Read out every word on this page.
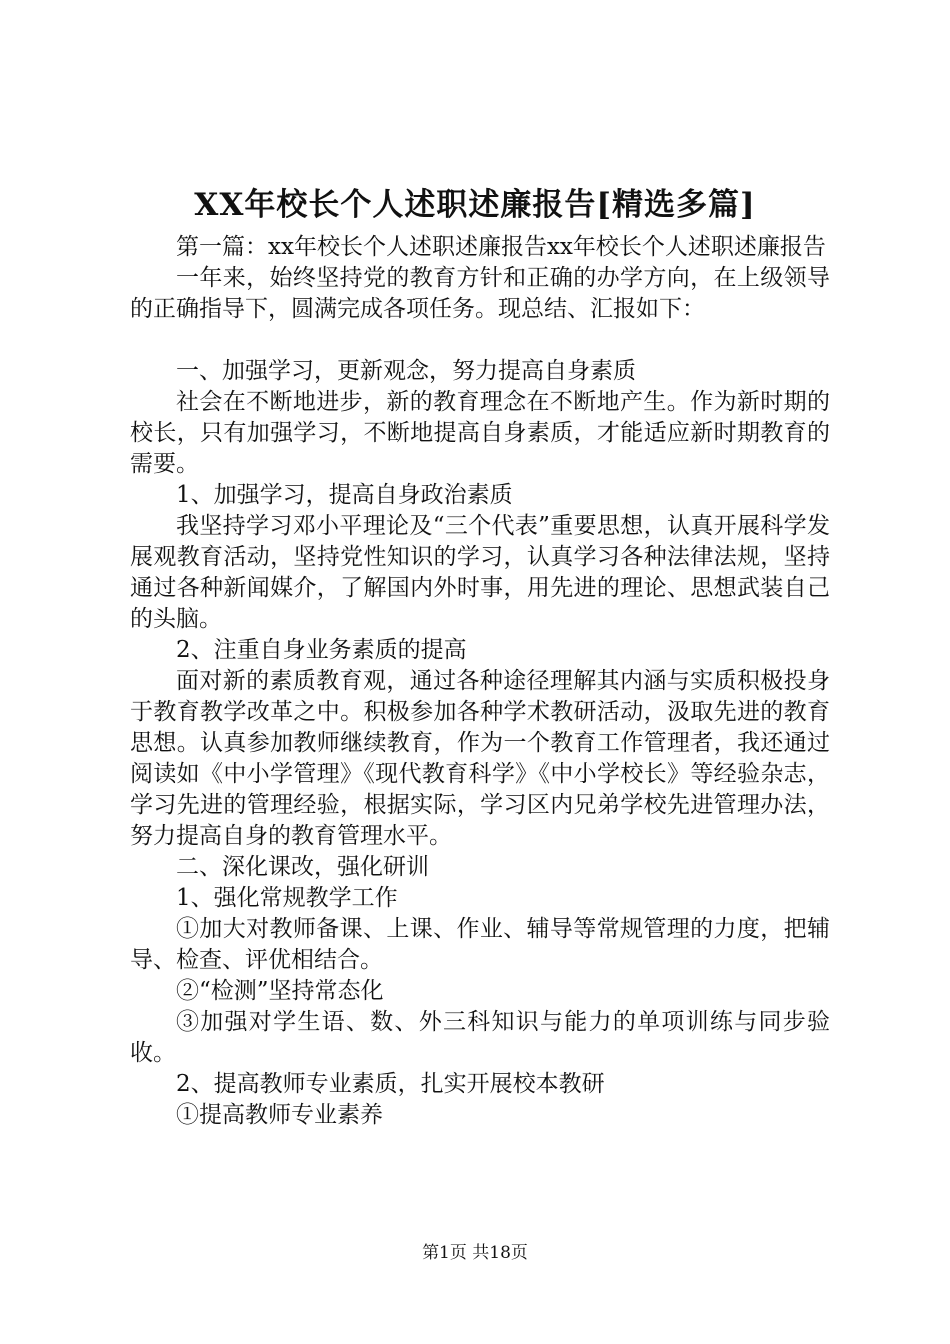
XX年校长个人述职述廉报告[精选多篇]

第一篇：xx年校长个人述职述廉报告xx年校长个人述职述廉报告

一年来，始终坚持党的教育方针和正确的办学方向，在上级领导的正确指导下，圆满完成各项任务。现总结、汇报如下：

一、加强学习，更新观念，努力提高自身素质

社会在不断地进步，新的教育理念在不断地产生。作为新时期的校长，只有加强学习，不断地提高自身素质，才能适应新时期教育的需要。

1、加强学习，提高自身政治素质

我坚持学习邓小平理论及“三个代表”重要思想，认真开展科学发展观教育活动，坚持党性知识的学习，认真学习各种法律法规，坚持通过各种新闻媒介，了解国内外时事，用先进的理论、思想武装自己的头脑。

2、注重自身业务素质的提高

面对新的素质教育观，通过各种途径理解其内涵与实质积极投身于教育教学改革之中。积极参加各种学术教研活动，汲取先进的教育思想。认真参加教师继续教育，作为一个教育工作管理者，我还通过阅读如《中小学管理》《现代教育科学》《中小学校长》等经验杂志，学习先进的管理经验，根据实际，学习区内兄弟学校先进管理办法，努力提高自身的教育管理水平。

二、深化课改，强化研训

1、强化常规教学工作

①加大对教师备课、上课、作业、辅导等常规管理的力度，把辅导、检查、评优相结合。

②“检测”坚持常态化

③加强对学生语、数、外三科知识与能力的单项训练与同步验收。

2、提高教师专业素质，扎实开展校本教研

①提高教师专业素养

第1页 共18页
